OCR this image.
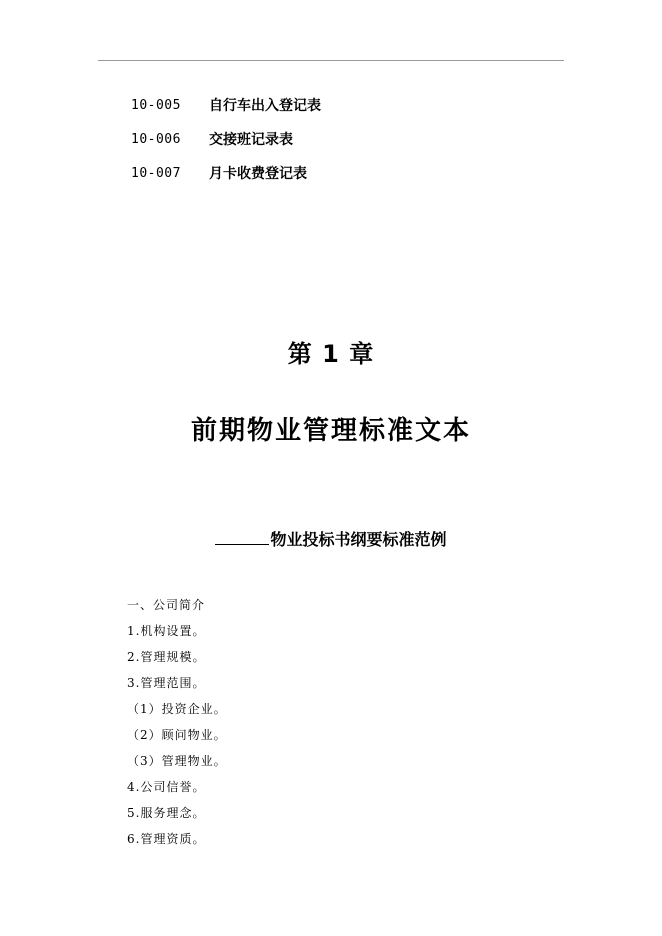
10-005	自行车出入登记表
10-006	交接班记录表
10-007	月卡收费登记表
第 1 章
前期物业管理标准文本
物业投标书纲要标准范例
一、公司简介
1.机构设置。
2.管理规模。
3.管理范围。
（1）投资企业。
（2）顾问物业。
（3）管理物业。
4.公司信誉。
5.服务理念。
6.管理资质。
